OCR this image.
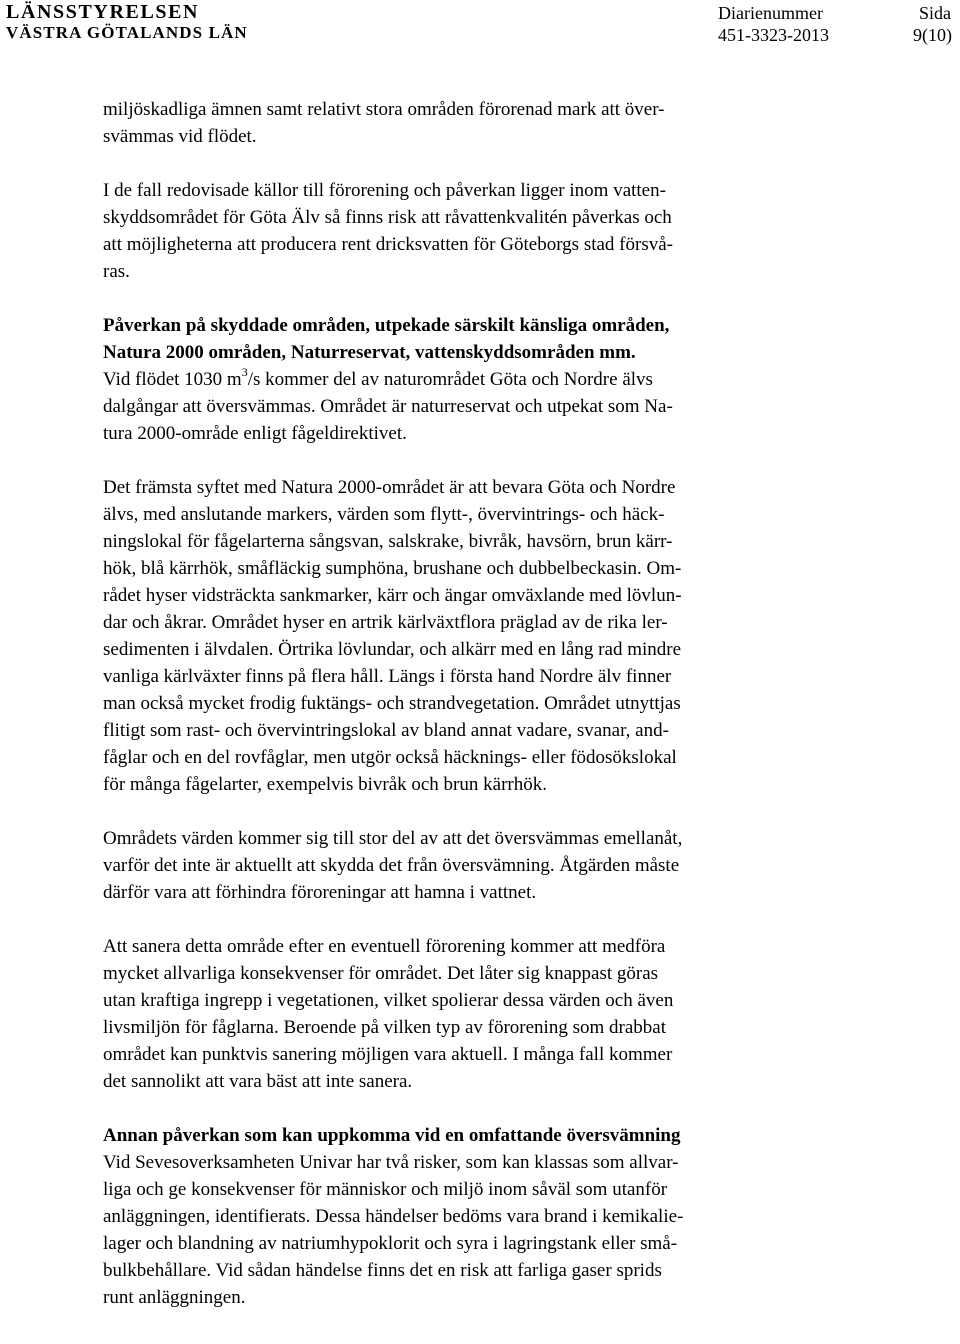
LÄNSSTYRELSEN
VÄSTRA GÖTALANDS LÄN
Diarienummer
451-3323-2013
Sida
9(10)

miljöskadliga ämnen samt relativt stora områden förorenad mark att över-
svämmas vid flödet.

I de fall redovisade källor till förorening och påverkan ligger inom vatten-
skyddsområdet för Göta Älv så finns risk att råvattenkvalitén påverkas och
att möjligheterna att producera rent dricksvatten för Göteborgs stad försvå-
ras.

Påverkan på skyddade områden, utpekade särskilt känsliga områden,
Natura 2000 områden, Naturreservat, vattenskyddsområden mm.

Vid flödet 1030 $m^3/s$ kommer del av naturområdet Göta och Nordre älvs
dalgångar att översvämmas. Området är naturreservat och utpekat som Na-
tura 2000-område enligt fågeldirektivet.

Det främsta syftet med Natura 2000-området är att bevara Göta och Nordre
älvs, med anslutande markers, värden som flytt-, övervintrings- och häck-
ningslokal för fågelarterna sångsvan, salskrake, bivråk, havsörn, brun kärr-
hök, blå kärrhök, småfläckig sumphöna, brushane och dubbelbeckasin. Om-
rådet hyser vidsträckta sankmarker, kärr och ängar omväxlande med lövlun-
dar och åkrar. Området hyser en artrik kärlväxtflora präglad av de rika ler-
sedimenten i älvdalen. Örtrika lövlundar, och alkärr med en lång rad mindre
vanliga kärlväxter finns på flera håll. Längs i första hand Nordre älv finner
man också mycket frodig fuktängs- och strandvegetation. Området utnyttjas
flitigt som rast- och övervintringslokal av bland annat vadare, svanar, and-
fåglar och en del rovfåglar, men utgör också häcknings- eller födosökslokal
för många fågelarter, exempelvis bivråk och brun kärrhök.

Områdets värden kommer sig till stor del av att det översvämmas emellanåt,
varför det inte är aktuellt att skydda det från översvämning. Åtgärden måste
därför vara att förhindra föroreningar att hamna i vattnet.

Att sanera detta område efter en eventuell förorening kommer att medföra
mycket allvarliga konsekvenser för området. Det låter sig knappast göras
utan kraftiga ingrepp i vegetationen, vilket spolierar dessa värden och även
livsmiljön för fåglarna. Beroende på vilken typ av förorening som drabbat
området kan punktvis sanering möjligen vara aktuell. I många fall kommer
det sannolikt att vara bäst att inte sanera.

Annan påverkan som kan uppkomma vid en omfattande översvämning

Vid Sevesoverksamheten Univar har två risker, som kan klassas som allvar-
liga och ge konsekvenser för människor och miljö inom såväl som utanför
anläggningen, identifierats. Dessa händelser bedöms vara brand i kemikalie-
lager och blandning av natriumhypoklorit och syra i lagringstank eller små-
bulkbehållare. Vid sådan händelse finns det en risk att farliga gaser sprids
runt anläggningen.
